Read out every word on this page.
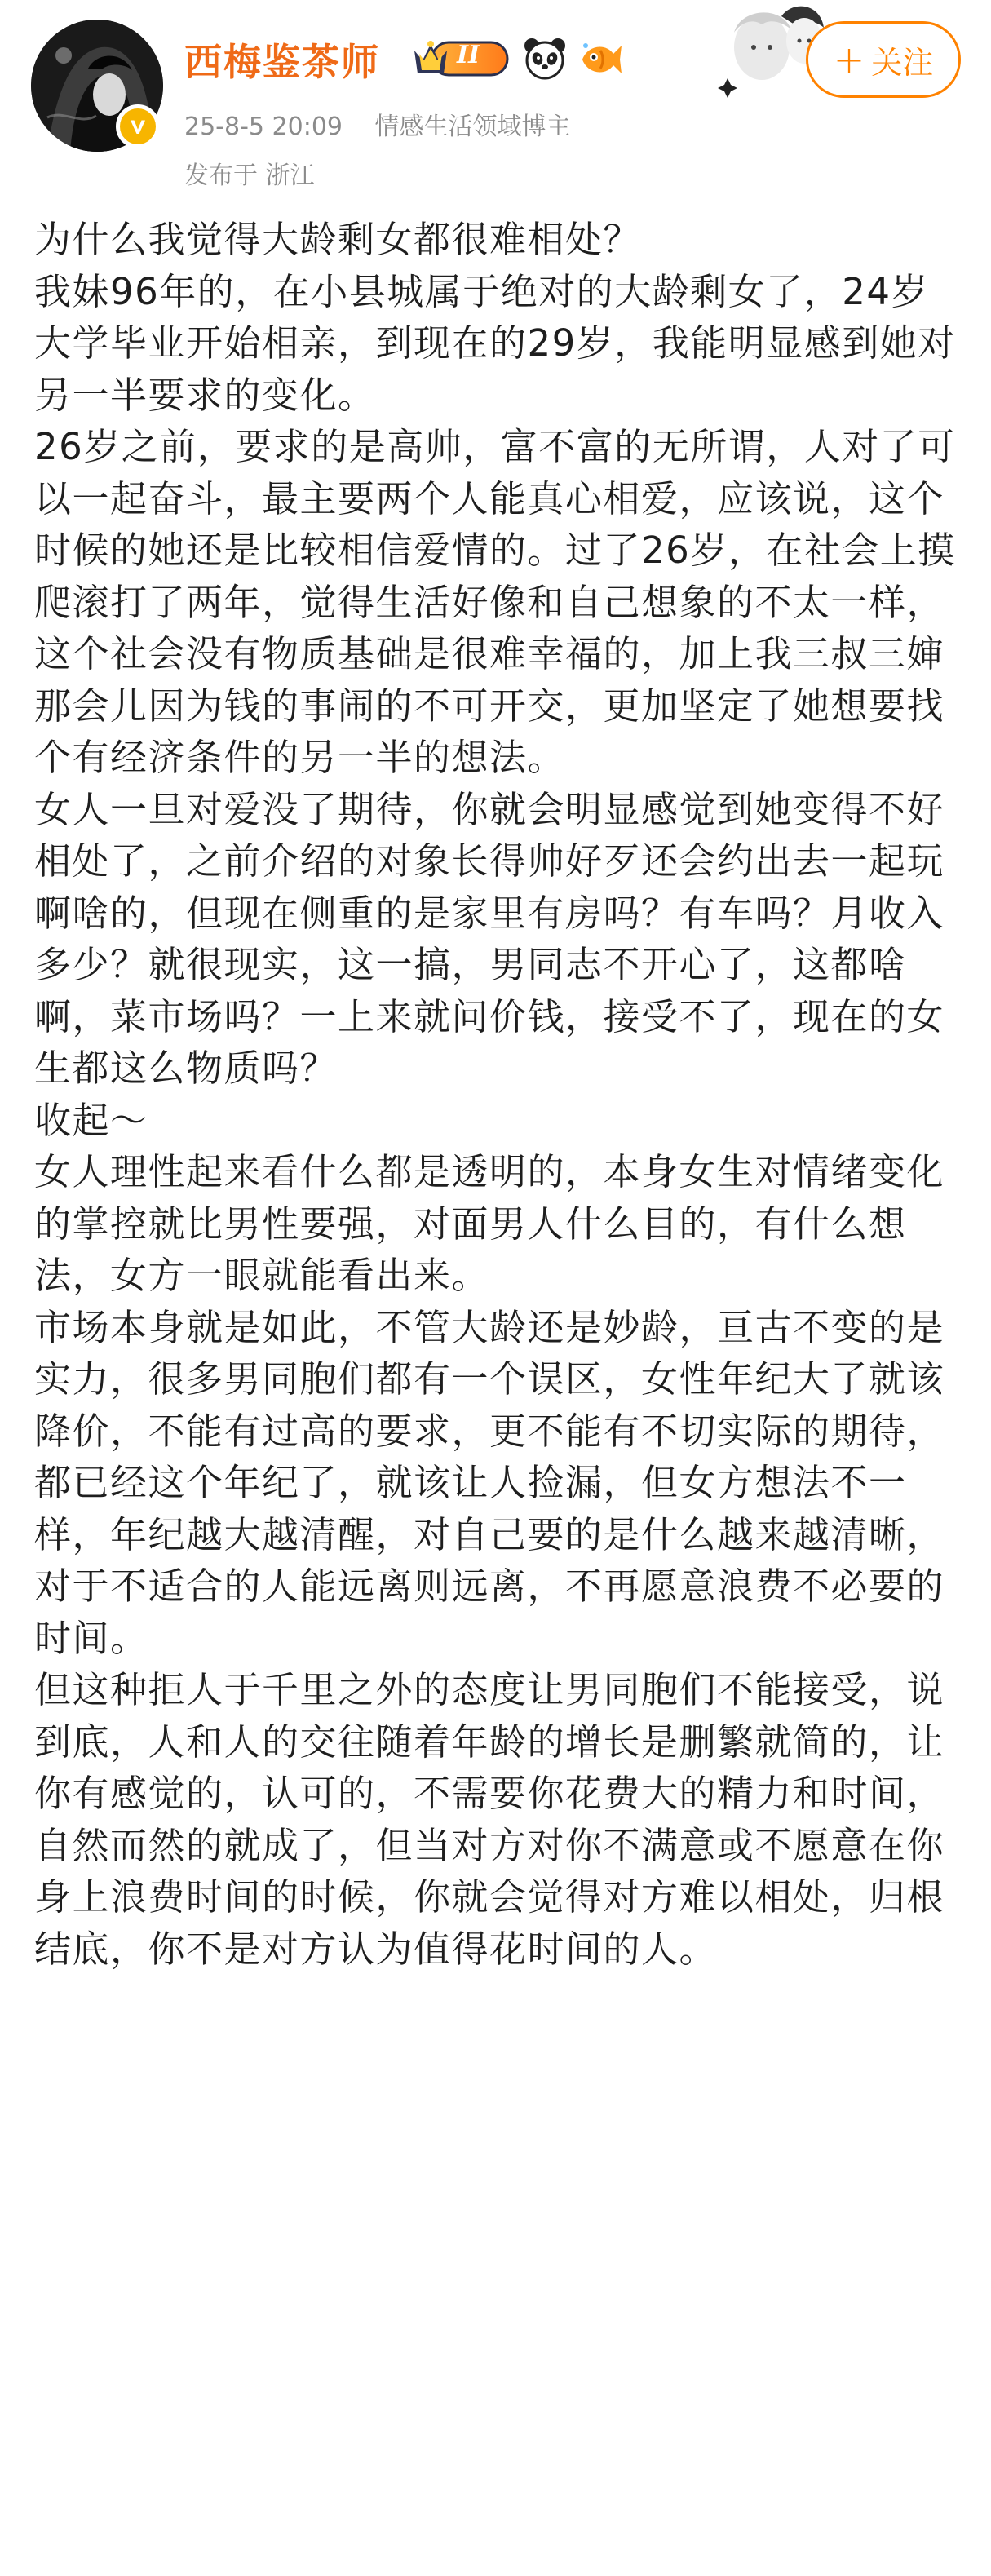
西梅鉴茶师	II
25-8-5 20:09 情感生活领域博主
发布于 浙江
+ 关注

为什么我觉得大龄剩女都很难相处？

我妹96年的，在小县城属于绝对的大龄剩女了，24岁大学毕业开始相亲，到现在的29岁，我能明显感到她对另一半要求的变化。

26岁之前，要求的是高帅，富不富的无所谓，人对了可以一起奋斗，最主要两个人能真心相爱，应该说，这个时候的她还是比较相信爱情的。过了26岁，在社会上摸爬滚打了两年，觉得生活好像和自己想象的不太一样，这个社会没有物质基础是很难幸福的，加上我三叔三婶那会儿因为钱的事闹的不可开交，更加坚定了她想要找个有经济条件的另一半的想法。

女人一旦对爱没了期待，你就会明显感觉到她变得不好相处了，之前介绍的对象长得帅好歹还会约出去一起玩啊啥的，但现在侧重的是家里有房吗？有车吗？月收入多少？就很现实，这一搞，男同志不开心了，这都啥啊，菜市场吗？一上来就问价钱，接受不了，现在的女生都这么物质吗？

收起～

女人理性起来看什么都是透明的，本身女生对情绪变化的掌控就比男性要强，对面男人什么目的，有什么想法，女方一眼就能看出来。

市场本身就是如此，不管大龄还是妙龄，亘古不变的是实力，很多男同胞们都有一个误区，女性年纪大了就该降价，不能有过高的要求，更不能有不切实际的期待，都已经这个年纪了，就该让人捡漏，但女方想法不一样，年纪越大越清醒，对自己要的是什么越来越清晰，对于不适合的人能远离则远离，不再愿意浪费不必要的时间。

但这种拒人于千里之外的态度让男同胞们不能接受，说到底，人和人的交往随着年龄的增长是删繁就简的，让你有感觉的，认可的，不需要你花费大的精力和时间，自然而然的就成了，但当对方对你不满意或不愿意在你身上浪费时间的时候，你就会觉得对方难以相处，归根结底，你不是对方认为值得花时间的人。
